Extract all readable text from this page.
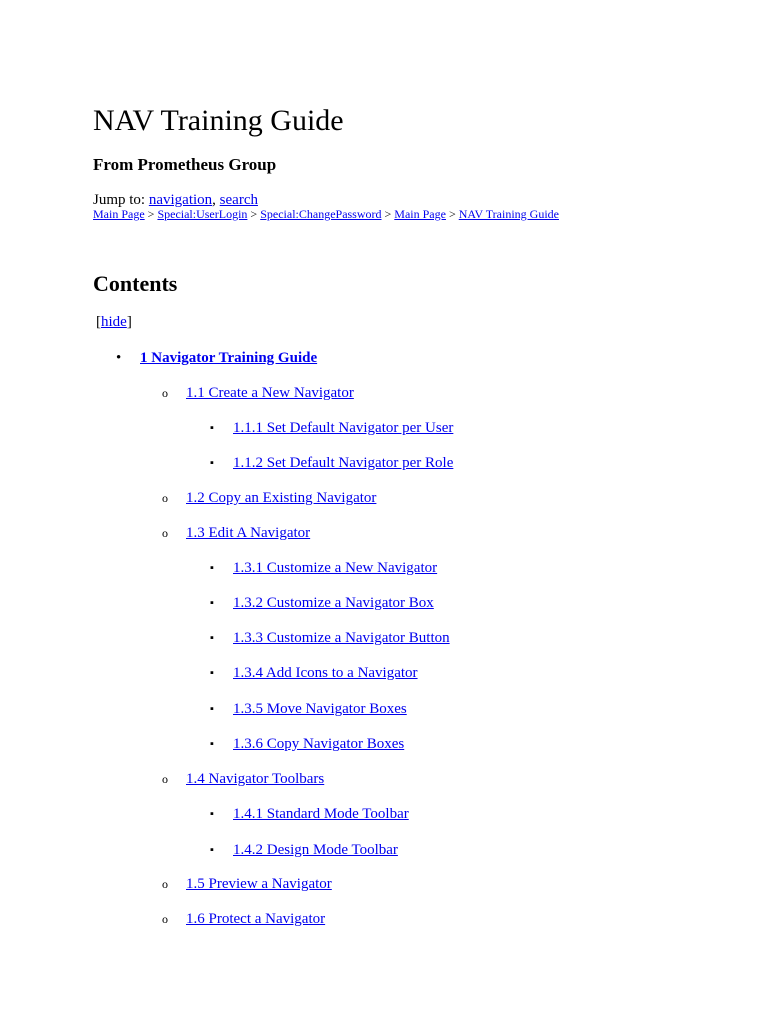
NAV Training Guide
From Prometheus Group
Jump to: navigation, search
Main Page > Special:UserLogin > Special:ChangePassword > Main Page > NAV Training Guide
Contents
[hide]
• 1 Navigator Training Guide
o 1.1 Create a New Navigator
▪ 1.1.1 Set Default Navigator per User
▪ 1.1.2 Set Default Navigator per Role
o 1.2 Copy an Existing Navigator
o 1.3 Edit A Navigator
▪ 1.3.1 Customize a New Navigator
▪ 1.3.2 Customize a Navigator Box
▪ 1.3.3 Customize a Navigator Button
▪ 1.3.4 Add Icons to a Navigator
▪ 1.3.5 Move Navigator Boxes
▪ 1.3.6 Copy Navigator Boxes
o 1.4 Navigator Toolbars
▪ 1.4.1 Standard Mode Toolbar
▪ 1.4.2 Design Mode Toolbar
o 1.5 Preview a Navigator
o 1.6 Protect a Navigator
